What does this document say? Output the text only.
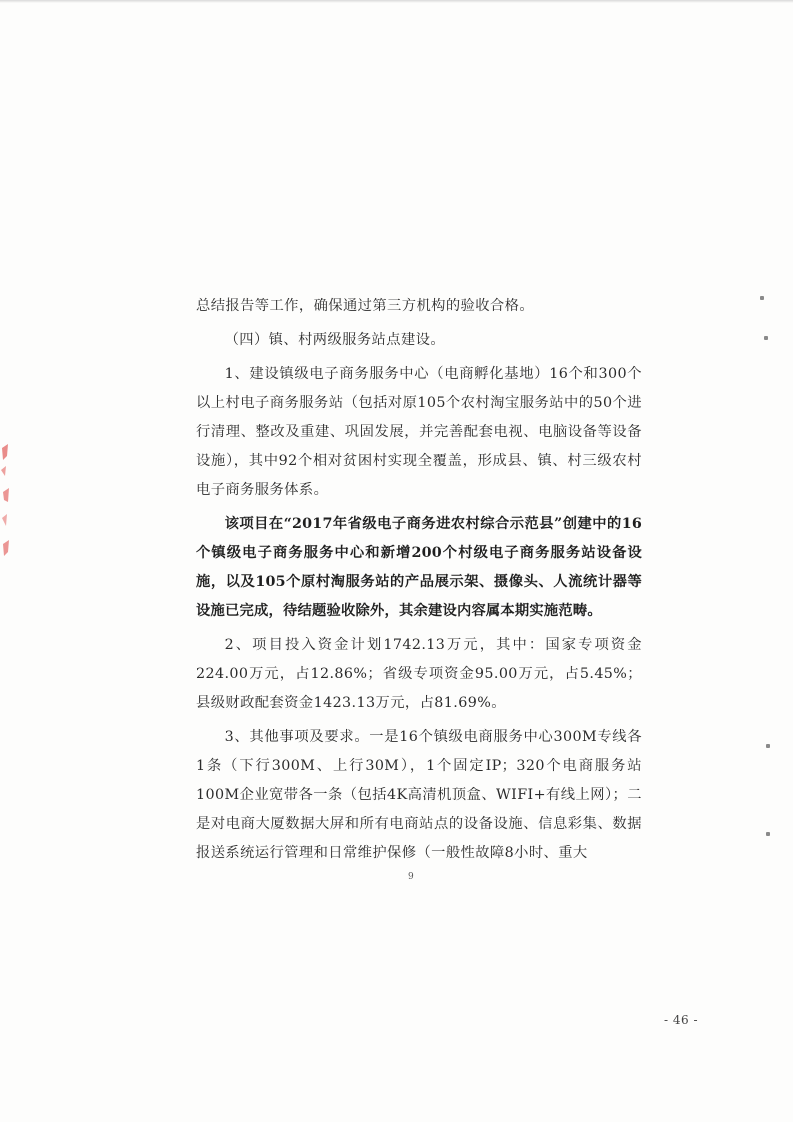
总结报告等工作，确保通过第三方机构的验收合格。

（四）镇、村两级服务站点建设。

1、建设镇级电子商务服务中心（电商孵化基地）16个和300个以上村电子商务服务站（包括对原105个农村淘宝服务站中的50个进行清理、整改及重建、巩固发展，并完善配套电视、电脑设备等设备设施），其中92个相对贫困村实现全覆盖，形成县、镇、村三级农村电子商务服务体系。

该项目在“2017年省级电子商务进农村综合示范县”创建中的16个镇级电子商务服务中心和新增200个村级电子商务服务站设备设施，以及105个原村淘服务站的产品展示架、摄像头、人流统计器等设施已完成，待结题验收除外，其余建设内容属本期实施范畴。

2、项目投入资金计划1742.13万元，其中：国家专项资金224.00万元，占12.86%；省级专项资金95.00万元，占5.45%；县级财政配套资金1423.13万元，占81.69%。

3、其他事项及要求。一是16个镇级电商服务中心300M专线各1条（下行300M、上行30M），1个固定IP；320个电商服务站100M企业宽带各一条（包括4K高清机顶盒、WIFI+有线上网）；二是对电商大厦数据大屏和所有电商站点的设备设施、信息彩集、数据报送系统运行管理和日常维护保修（一般性故障8小时、重大

9
- 46 -
